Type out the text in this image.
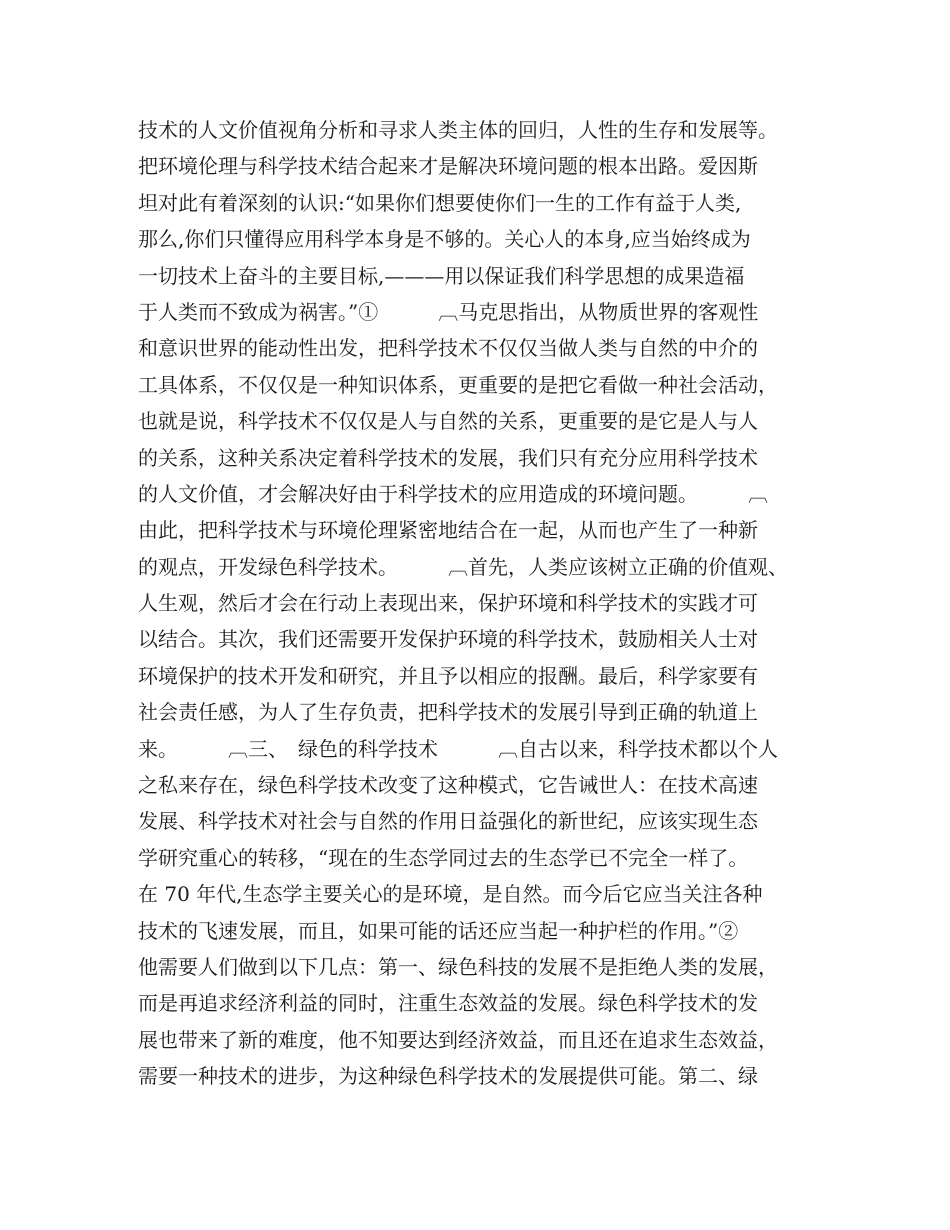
技术的人文价值视角分析和寻求人类主体的回归，人性的生存和发展等。
把环境伦理与科学技术结合起来才是解决环境问题的根本出路。爱因斯
坦对此有着深刻的认识:“如果你们想要使你们一生的工作有益于人类,
那么,你们只懂得应用科学本身是不够的。关心人的本身,应当始终成为
一切技术上奋斗的主要目标,———用以保证我们科学思想的成果造福
于人类而不致成为祸害。”①　　　︹马克思指出，从物质世界的客观性
和意识世界的能动性出发，把科学技术不仅仅当做人类与自然的中介的
工具体系，不仅仅是一种知识体系，更重要的是把它看做一种社会活动，
也就是说，科学技术不仅仅是人与自然的关系，更重要的是它是人与人
的关系，这种关系决定着科学技术的发展，我们只有充分应用科学技术
的人文价值，才会解决好由于科学技术的应用造成的环境问题。　　　︹
由此，把科学技术与环境伦理紧密地结合在一起，从而也产生了一种新
的观点，开发绿色科学技术。　　　︹首先，人类应该树立正确的价值观、
人生观，然后才会在行动上表现出来，保护环境和科学技术的实践才可
以结合。其次，我们还需要开发保护环境的科学技术，鼓励相关人士对
环境保护的技术开发和研究，并且予以相应的报酬。最后，科学家要有
社会责任感，为人了生存负责，把科学技术的发展引导到正确的轨道上
来。　　　︹三、　绿色的科学技术　　　︹自古以来，科学技术都以个人
之私来存在，绿色科学技术改变了这种模式，它告诫世人：在技术高速
发展、科学技术对社会与自然的作用日益强化的新世纪，应该实现生态
学研究重心的转移，“现在的生态学同过去的生态学已不完全一样了。
在 70 年代,生态学主要关心的是环境，是自然。而今后它应当关注各种
技术的飞速发展，而且，如果可能的话还应当起一种护栏的作用。”②
他需要人们做到以下几点：第一、绿色科技的发展不是拒绝人类的发展，
而是再追求经济利益的同时，注重生态效益的发展。绿色科学技术的发
展也带来了新的难度，他不知要达到经济效益，而且还在追求生态效益，
需要一种技术的进步，为这种绿色科学技术的发展提供可能。第二、绿
